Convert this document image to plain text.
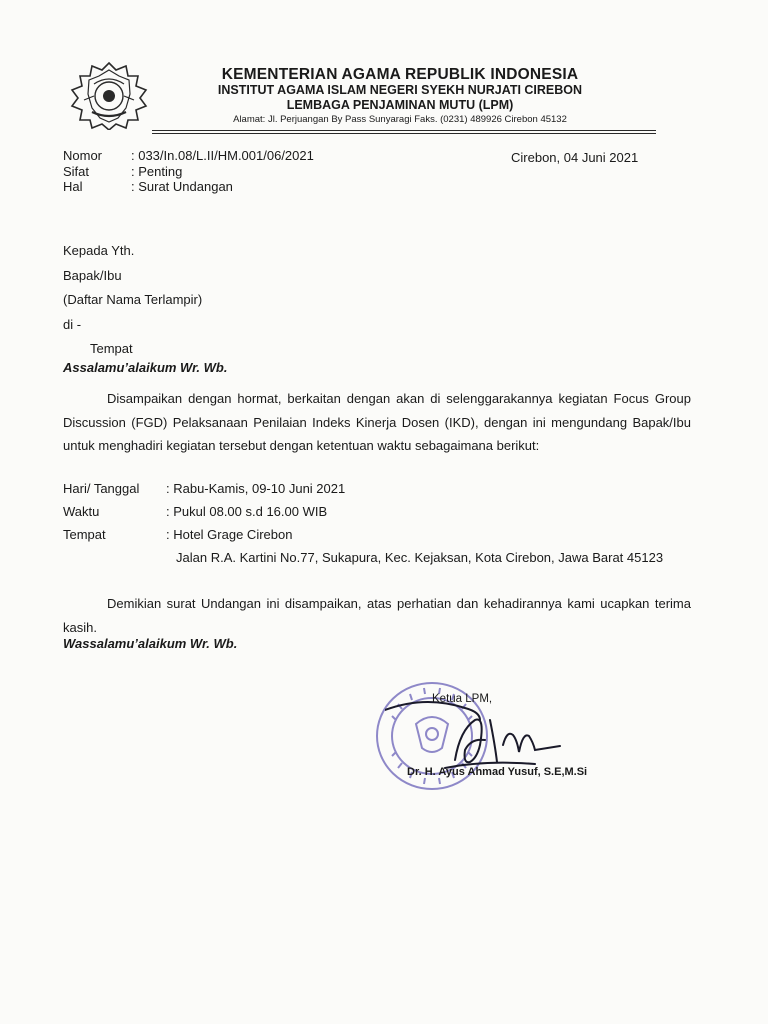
KEMENTERIAN AGAMA REPUBLIK INDONESIA
INSTITUT AGAMA ISLAM NEGERI SYEKH NURJATI CIREBON
LEMBAGA PENJAMINAN MUTU (LPM)
Alamat: Jl. Perjuangan By Pass Sunyaragi Faks. (0231) 489926 Cirebon 45132
Nomor	: 033/In.08/L.II/HM.001/06/2021
Sifat	: Penting
Hal	: Surat Undangan
Cirebon, 04 Juni 2021
Kepada Yth.
Bapak/Ibu
(Daftar Nama Terlampir)
di -
Tempat
Assalamu’alaikum Wr. Wb.
Disampaikan dengan hormat, berkaitan dengan akan di selenggarakannya kegiatan Focus Group Discussion (FGD) Pelaksanaan Penilaian Indeks Kinerja Dosen (IKD), dengan ini mengundang Bapak/Ibu untuk menghadiri kegiatan tersebut dengan ketentuan waktu sebagaimana berikut:
Hari/ Tanggal	: Rabu-Kamis, 09-10 Juni 2021
Waktu	: Pukul 08.00 s.d 16.00 WIB
Tempat	: Hotel Grage Cirebon
Jalan R.A. Kartini No.77, Sukapura, Kec. Kejaksan, Kota Cirebon, Jawa Barat 45123
Demikian surat Undangan ini disampaikan, atas perhatian dan kehadirannya kami ucapkan terima kasih.
Wassalamu’alaikum Wr. Wb.
Ketua LPM,
Dr. H. Ayus Ahmad Yusuf, S.E,M.Si
